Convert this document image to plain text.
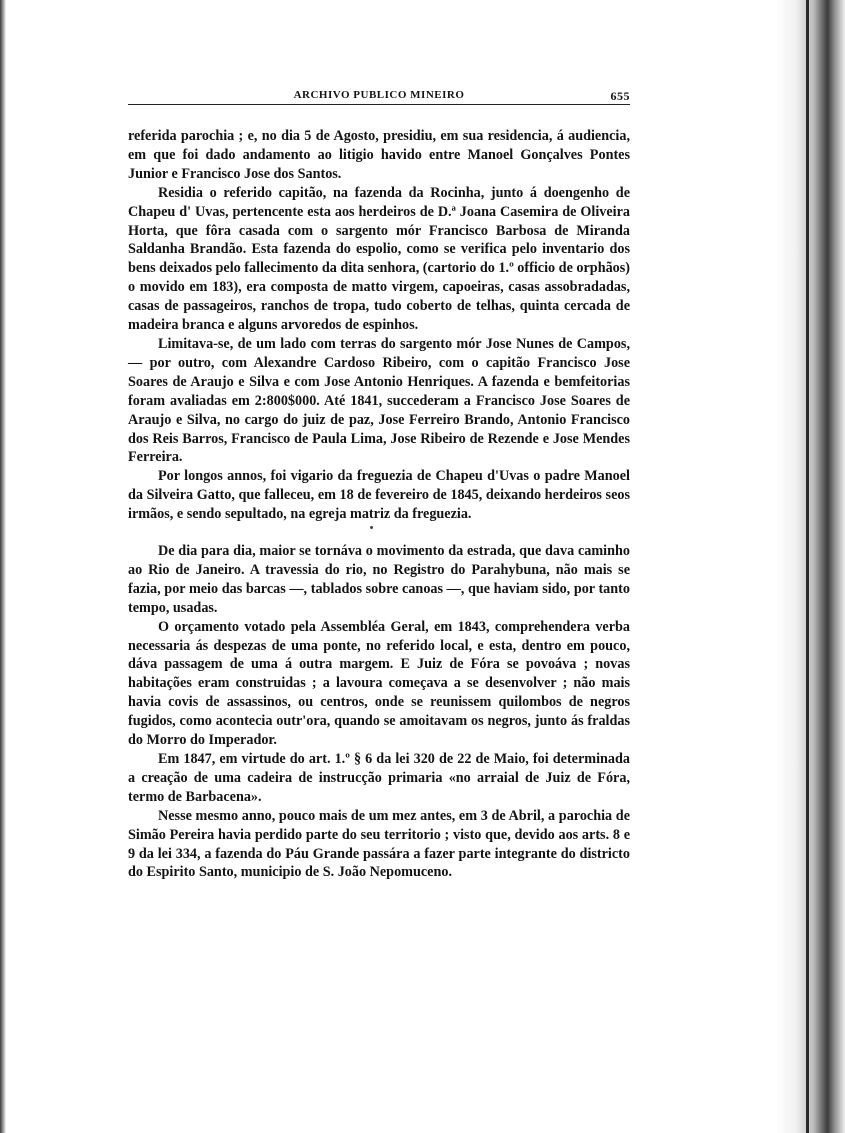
ARCHIVO PUBLICO MINEIRO	655

referida parochia ; e, no dia 5 de Agosto, presidiu, em sua residencia, á audiencia, em que foi dado andamento ao litigio havido entre Manoel Gonçalves Pontes Junior e Francisco Jose dos Santos.

Residia o referido capitão, na fazenda da Rocinha, junto á doengenho de Chapeu d' Uvas, pertencente esta aos herdeiros de D.ª Joana Casemira de Oliveira Horta, que fôra casada com o sargento mór Francisco Barbosa de Miranda Saldanha Brandão. Esta fazenda do espolio, como se verifica pelo inventario dos bens deixados pelo fallecimento da dita senhora, (cartorio do 1.º officio de orphãos) o movido em 183), era composta de matto virgem, capoeiras, casas assobradadas, casas de passageiros, ranchos de tropa, tudo coberto de telhas, quinta cercada de madeira branca e alguns arvoredos de espinhos.

Limitava-se, de um lado com terras do sargento mór Jose Nunes de Campos,— por outro, com Alexandre Cardoso Ribeiro, com o capitão Francisco Jose Soares de Araujo e Silva e com Jose Antonio Henriques. A fazenda e bemfeitorias foram avaliadas em 2:800$000. Até 1841, succederam a Francisco Jose Soares de Araujo e Silva, no cargo do juiz de paz, Jose Ferreiro Brando, Antonio Francisco dos Reis Barros, Francisco de Paula Lima, Jose Ribeiro de Rezende e Jose Mendes Ferreira.

Por longos annos, foi vigario da freguezia de Chapeu d'Uvas o padre Manoel da Silveira Gatto, que falleceu, em 18 de fevereiro de 1845, deixando herdeiros seos irmãos, e sendo sepultado, na egreja matriz da freguezia.

De dia para dia, maior se tornáva o movimento da estrada, que dava caminho ao Rio de Janeiro. A travessia do rio, no Registro do Parahybuna, não mais se fazia, por meio das barcas —, tablados sobre canoas —, que haviam sido, por tanto tempo, usadas.

O orçamento votado pela Assembléa Geral, em 1843, comprehendera verba necessaria ás despezas de uma ponte, no referido local, e esta, dentro em pouco, dáva passagem de uma á outra margem. E Juiz de Fóra se povoáva ; novas habitações eram construidas ; a lavoura começava a se desenvolver ; não mais havia covis de assassinos, ou centros, onde se reunissem quilombos de negros fugidos, como acontecia outr'ora, quando se amoitavam os negros, junto ás fraldas do Morro do Imperador.

Em 1847, em virtude do art. 1.º § 6 da lei 320 de 22 de Maio, foi determinada a creação de uma cadeira de instrucção primaria «no arraial de Juiz de Fóra, termo de Barbacena».

Nesse mesmo anno, pouco mais de um mez antes, em 3 de Abril, a parochia de Simão Pereira havia perdido parte do seu territorio ; visto que, devido aos arts. 8 e 9 da lei 334, a fazenda do Páu Grande passára a fazer parte integrante do districto do Espirito Santo, municipio de S. João Nepomuceno.
